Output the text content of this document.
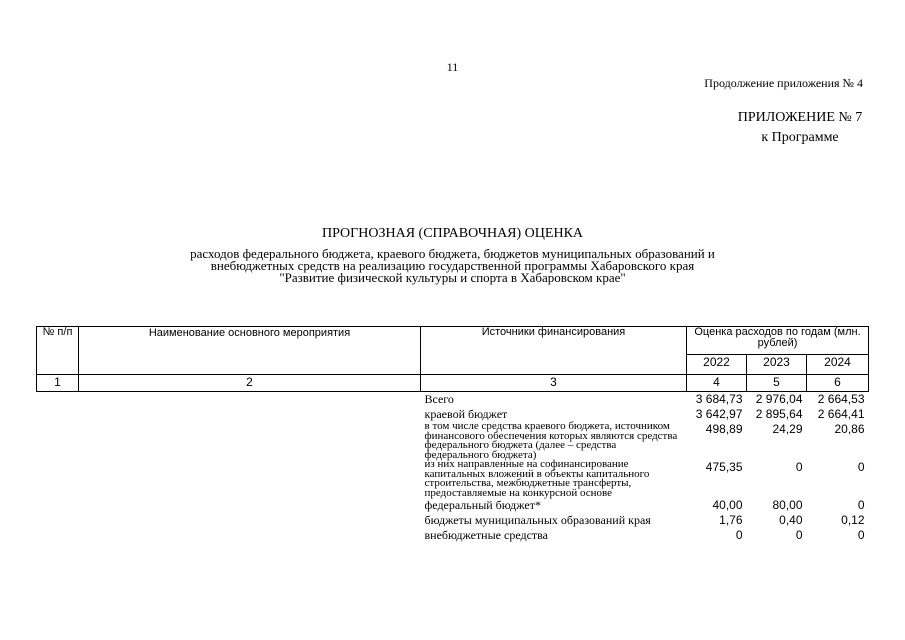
11
Продолжение приложения № 4
ПРИЛОЖЕНИЕ № 7
к Программе
ПРОГНОЗНАЯ (СПРАВОЧНАЯ) ОЦЕНКА
расходов федерального бюджета, краевого бюджета, бюджетов муниципальных образований и
внебюджетных средств на реализацию государственной программы Хабаровского края
"Развитие физической культуры и спорта в Хабаровском крае"
№ п/п	Наименование основного мероприятия	Источники финансирования	Оценка расходов по годам (млн. рублей)		
			2022	2023	2024
1	2	3	4	5	6
		Всего	3 684,73	2 976,04	2 664,53
		краевой бюджет	3 642,97	2 895,64	2 664,41
		в том числе средства краевого бюджета, источником финансового обеспечения которых являются средства федерального бюджета (далее – средства федерального бюджета)	498,89	24,29	20,86
		из них направленные на софинансирование капитальных вложений в объекты капитального строительства, межбюджетные трансферты, предоставляемые на конкурсной основе	475,35	0	0
		федеральный бюджет*	40,00	80,00	0
		бюджеты муниципальных образований края	1,76	0,40	0,12
		внебюджетные средства	0	0	0
